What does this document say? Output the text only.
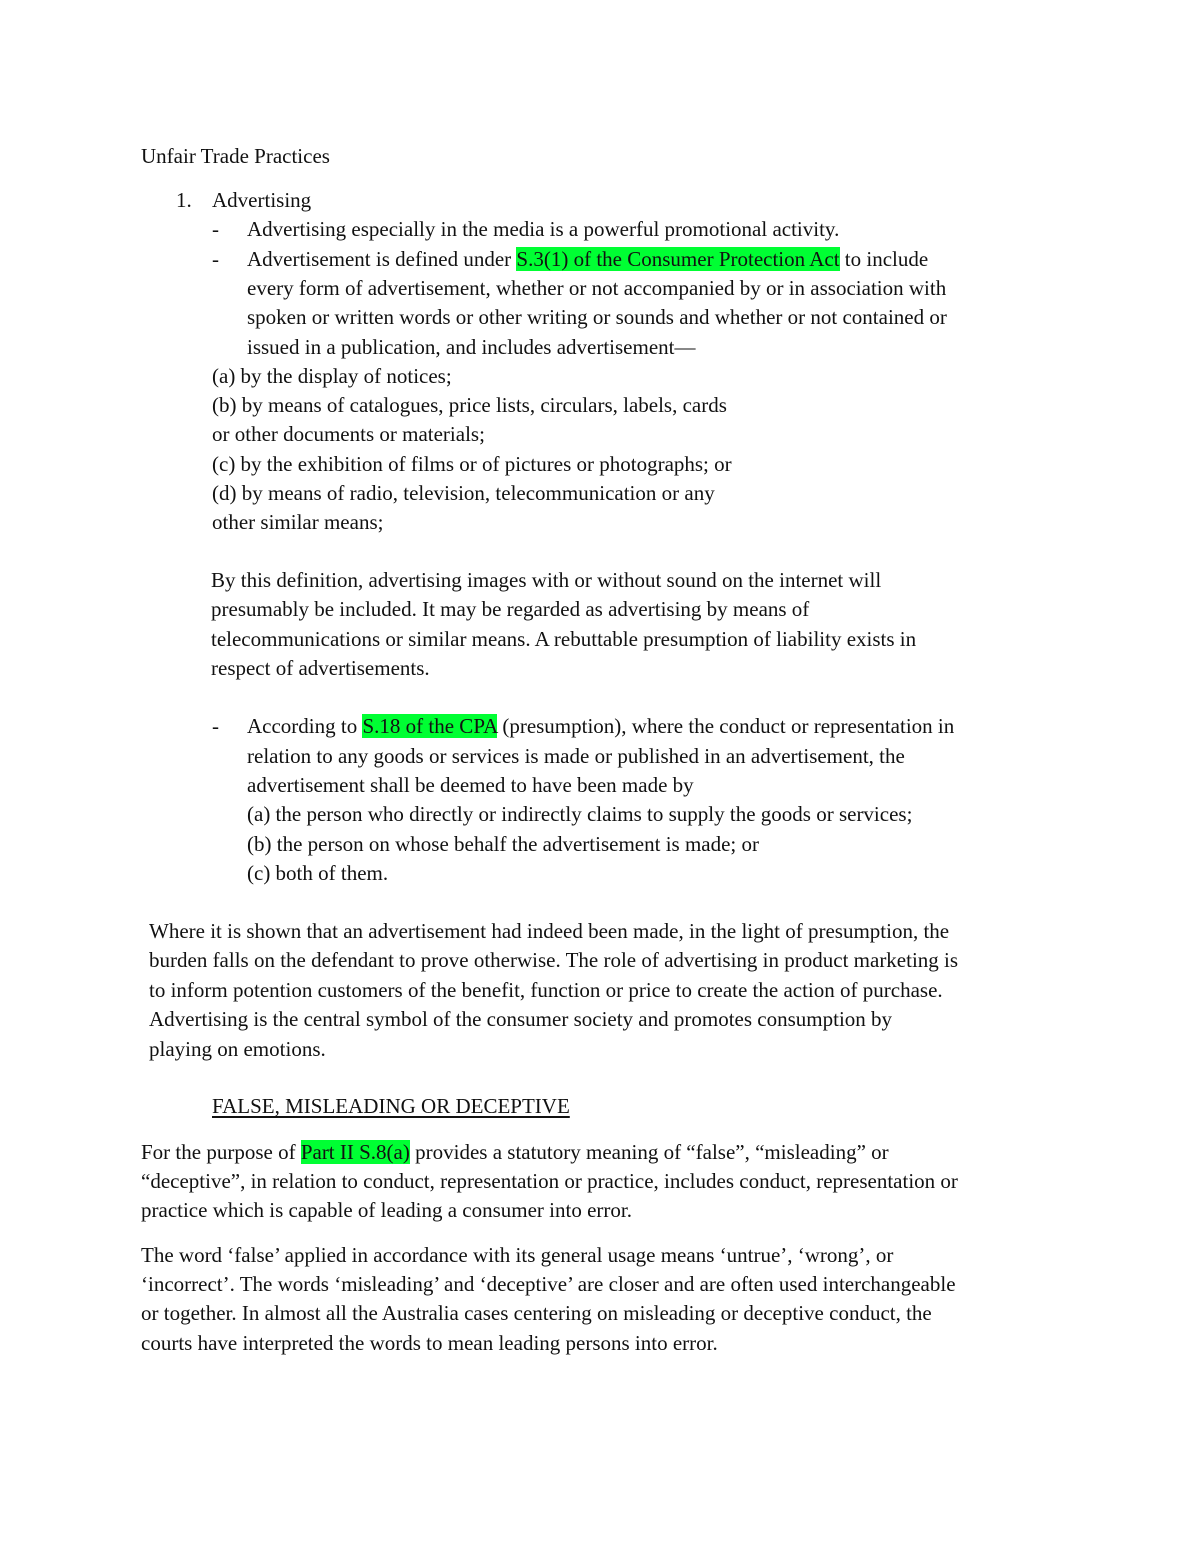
Unfair Trade Practices
1. Advertising
- Advertising especially in the media is a powerful promotional activity.
- Advertisement is defined under S.3(1) of the Consumer Protection Act to include
every form of advertisement, whether or not accompanied by or in association with
spoken or written words or other writing or sounds and whether or not contained or
issued in a publication, and includes advertisement—
(a) by the display of notices;
(b) by means of catalogues, price lists, circulars, labels, cards
or other documents or materials;
(c) by the exhibition of films or of pictures or photographs; or
(d) by means of radio, television, telecommunication or any
other similar means;
By this definition, advertising images with or without sound on the internet will
presumably be included. It may be regarded as advertising by means of
telecommunications or similar means. A rebuttable presumption of liability exists in
respect of advertisements.
- According to S.18 of the CPA (presumption), where the conduct or representation in
relation to any goods or services is made or published in an advertisement, the
advertisement shall be deemed to have been made by
(a) the person who directly or indirectly claims to supply the goods or services;
(b) the person on whose behalf the advertisement is made; or
(c) both of them.
Where it is shown that an advertisement had indeed been made, in the light of presumption, the
burden falls on the defendant to prove otherwise. The role of advertising in product marketing is
to inform potention customers of the benefit, function or price to create the action of purchase.
Advertising is the central symbol of the consumer society and promotes consumption by
playing on emotions.
FALSE, MISLEADING OR DECEPTIVE
For the purpose of Part II S.8(a) provides a statutory meaning of “false”, “misleading” or
“deceptive”, in relation to conduct, representation or practice, includes conduct, representation or
practice which is capable of leading a consumer into error.
The word ‘false’ applied in accordance with its general usage means ‘untrue’, ‘wrong’, or
‘incorrect’. The words ‘misleading’ and ‘deceptive’ are closer and are often used interchangeable
or together. In almost all the Australia cases centering on misleading or deceptive conduct, the
courts have interpreted the words to mean leading persons into error.
